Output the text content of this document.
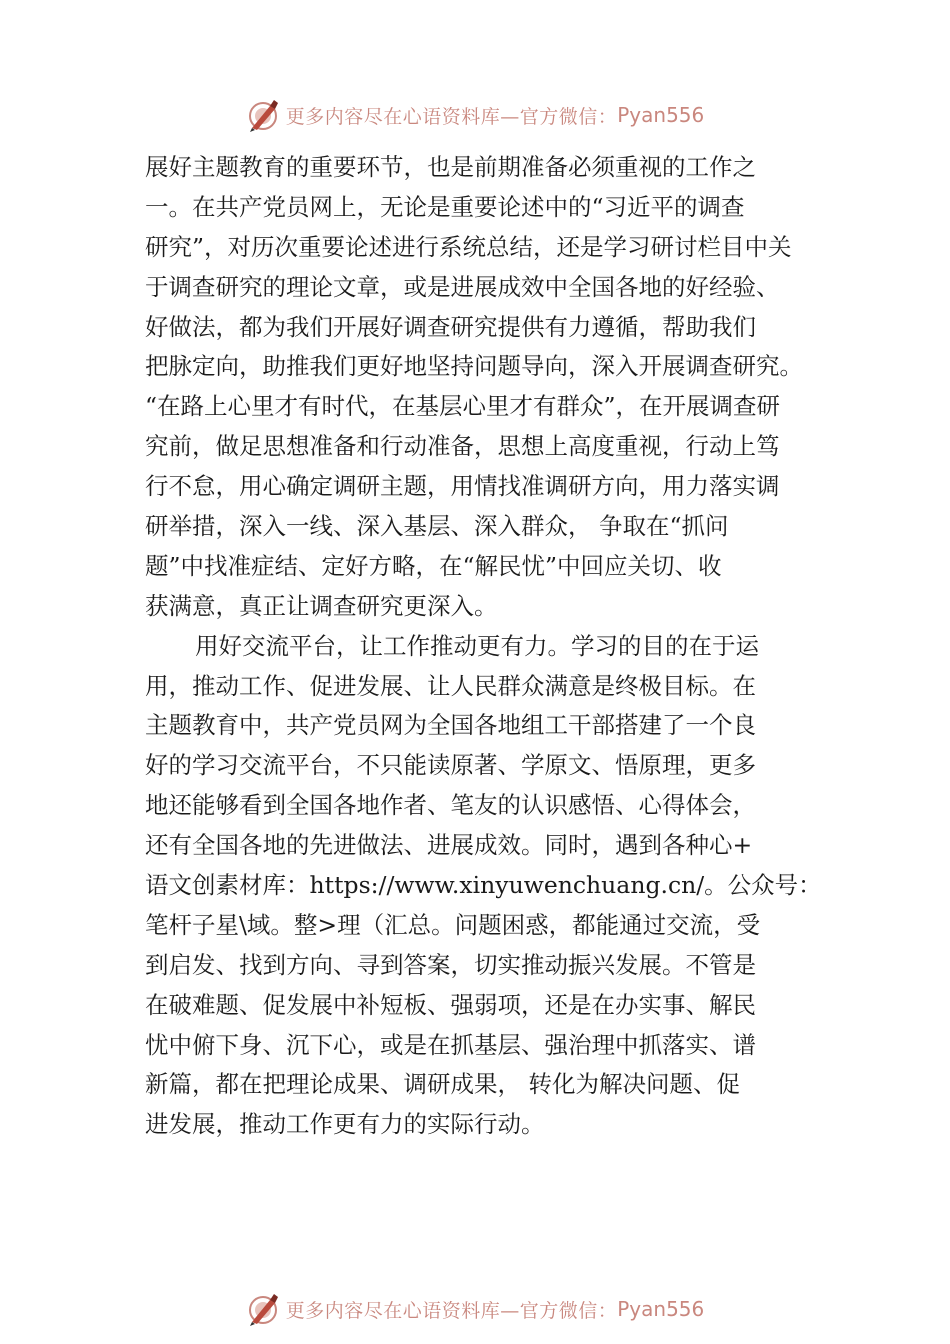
更多内容尽在心语资料库—官方微信： Pyan556
展好主题教育的重要环节，也是前期准备必须重视的工作之
一。在共产党员网上，无论是重要论述中的“习近平的调查
研究”，对历次重要论述进行系统总结，还是学习研讨栏目中关
于调查研究的理论文章，或是进展成效中全国各地的好经验、
好做法，都为我们开展好调查研究提供有力遵循，帮助我们
把脉定向，助推我们更好地坚持问题导向，深入开展调查研究。
“在路上心里才有时代，在基层心里才有群众”，在开展调查研
究前，做足思想准备和行动准备，思想上高度重视，行动上笃
行不怠，用心确定调研主题，用情找准调研方向，用力落实调
研举措，深入一线、深入基层、深入群众， 争取在“抓问
题”中找准症结、定好方略，在“解民忧”中回应关切、收
获满意，真正让调查研究更深入。
用好交流平台，让工作推动更有力。学习的目的在于运
用，推动工作、促进发展、让人民群众满意是终极目标。在
主题教育中，共产党员网为全国各地组工干部搭建了一个良
好的学习交流平台，不只能读原著、学原文、悟原理，更多
地还能够看到全国各地作者、笔友的认识感悟、心得体会，
还有全国各地的先进做法、进展成效。同时，遇到各种心+
语文创素材库：https://www.xinyuwenchuang.cn/。公众号：
笔杆子星\域。整>理（汇总。问题困惑，都能通过交流，受
到启发、找到方向、寻到答案，切实推动振兴发展。不管是
在破难题、促发展中补短板、强弱项，还是在办实事、解民
忧中俯下身、沉下心，或是在抓基层、强治理中抓落实、谱
新篇，都在把理论成果、调研成果， 转化为解决问题、促
进发展，推动工作更有力的实际行动。
更多内容尽在心语资料库—官方微信： Pyan556
